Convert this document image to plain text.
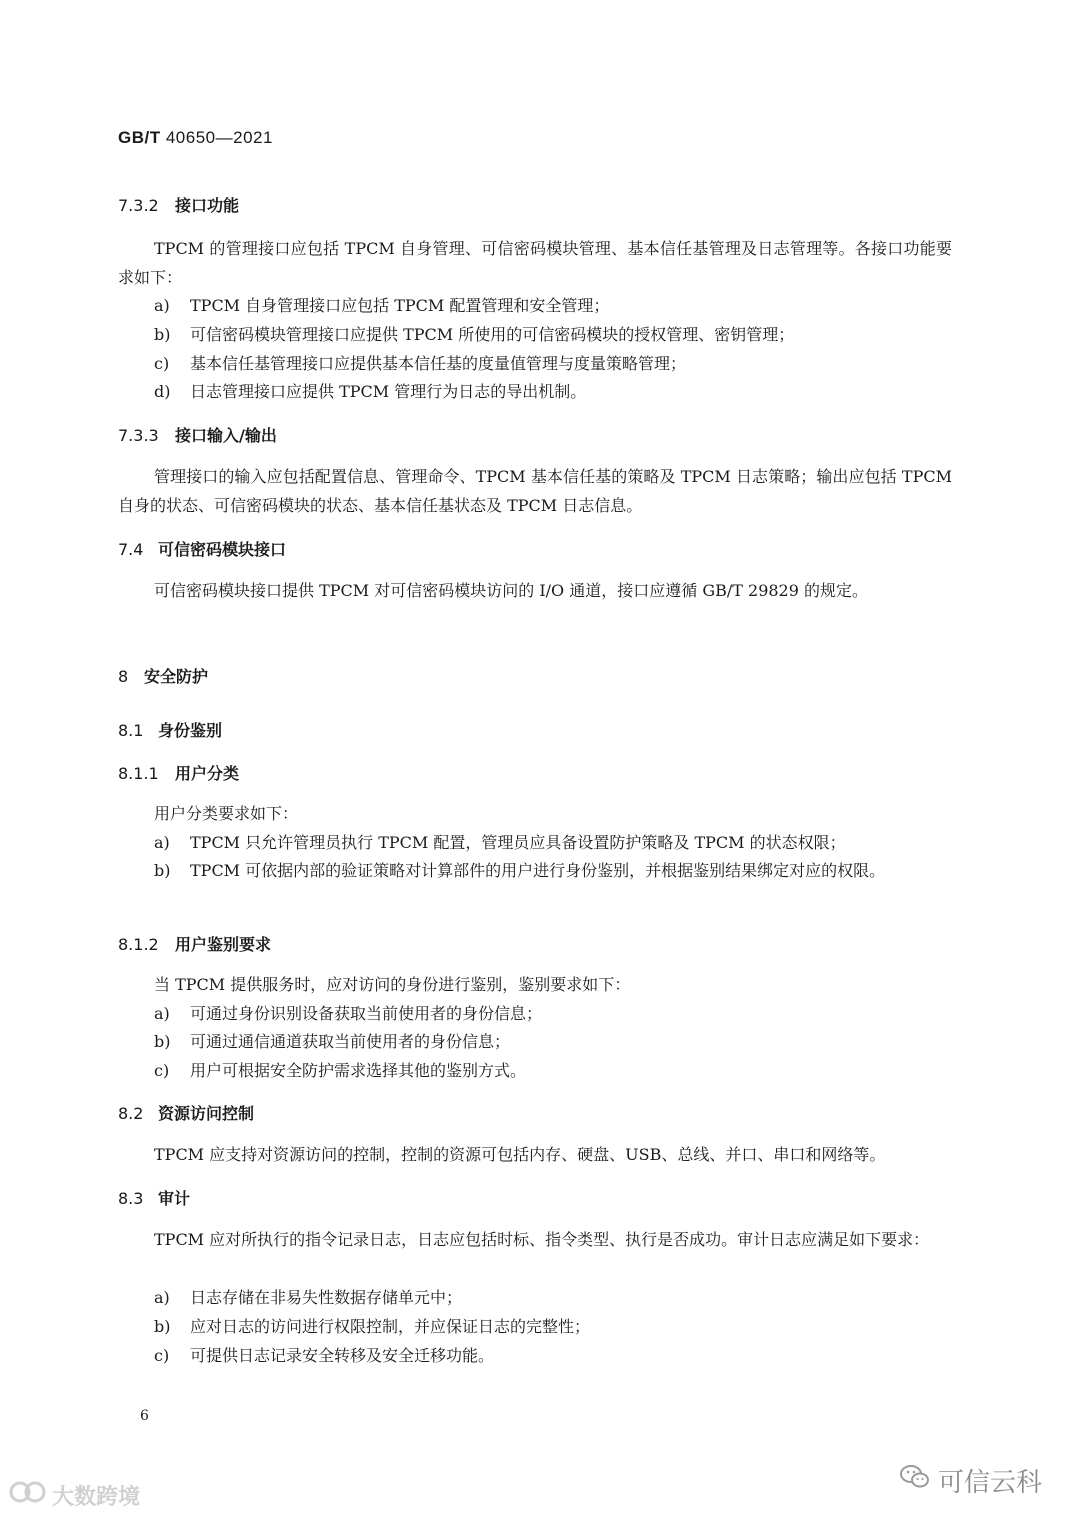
GB/T 40650—2021
7.3.2 接口功能
TPCM 的管理接口应包括 TPCM 自身管理、可信密码模块管理、基本信任基管理及日志管理等。各接口功能要求如下：
a) TPCM 自身管理接口应包括 TPCM 配置管理和安全管理；
b) 可信密码模块管理接口应提供 TPCM 所使用的可信密码模块的授权管理、密钥管理；
c) 基本信任基管理接口应提供基本信任基的度量值管理与度量策略管理；
d) 日志管理接口应提供 TPCM 管理行为日志的导出机制。
7.3.3 接口输入/输出
管理接口的输入应包括配置信息、管理命令、TPCM 基本信任基的策略及 TPCM 日志策略；输出应包括 TPCM 自身的状态、可信密码模块的状态、基本信任基状态及 TPCM 日志信息。
7.4 可信密码模块接口
可信密码模块接口提供 TPCM 对可信密码模块访问的 I/O 通道，接口应遵循 GB/T 29829 的规定。
8 安全防护
8.1 身份鉴别
8.1.1 用户分类
用户分类要求如下：
a) TPCM 只允许管理员执行 TPCM 配置，管理员应具备设置防护策略及 TPCM 的状态权限；
b) TPCM 可依据内部的验证策略对计算部件的用户进行身份鉴别，并根据鉴别结果绑定对应的权限。
8.1.2 用户鉴别要求
当 TPCM 提供服务时，应对访问的身份进行鉴别，鉴别要求如下：
a) 可通过身份识别设备获取当前使用者的身份信息；
b) 可通过通信通道获取当前使用者的身份信息；
c) 用户可根据安全防护需求选择其他的鉴别方式。
8.2 资源访问控制
TPCM 应支持对资源访问的控制，控制的资源可包括内存、硬盘、USB、总线、并口、串口和网络等。
8.3 审计
TPCM 应对所执行的指令记录日志，日志应包括时标、指令类型、执行是否成功。审计日志应满足如下要求：
a) 日志存储在非易失性数据存储单元中；
b) 应对日志的访问进行权限控制，并应保证日志的完整性；
c) 可提供日志记录安全转移及安全迁移功能。
6
大数跨境	可信云科
